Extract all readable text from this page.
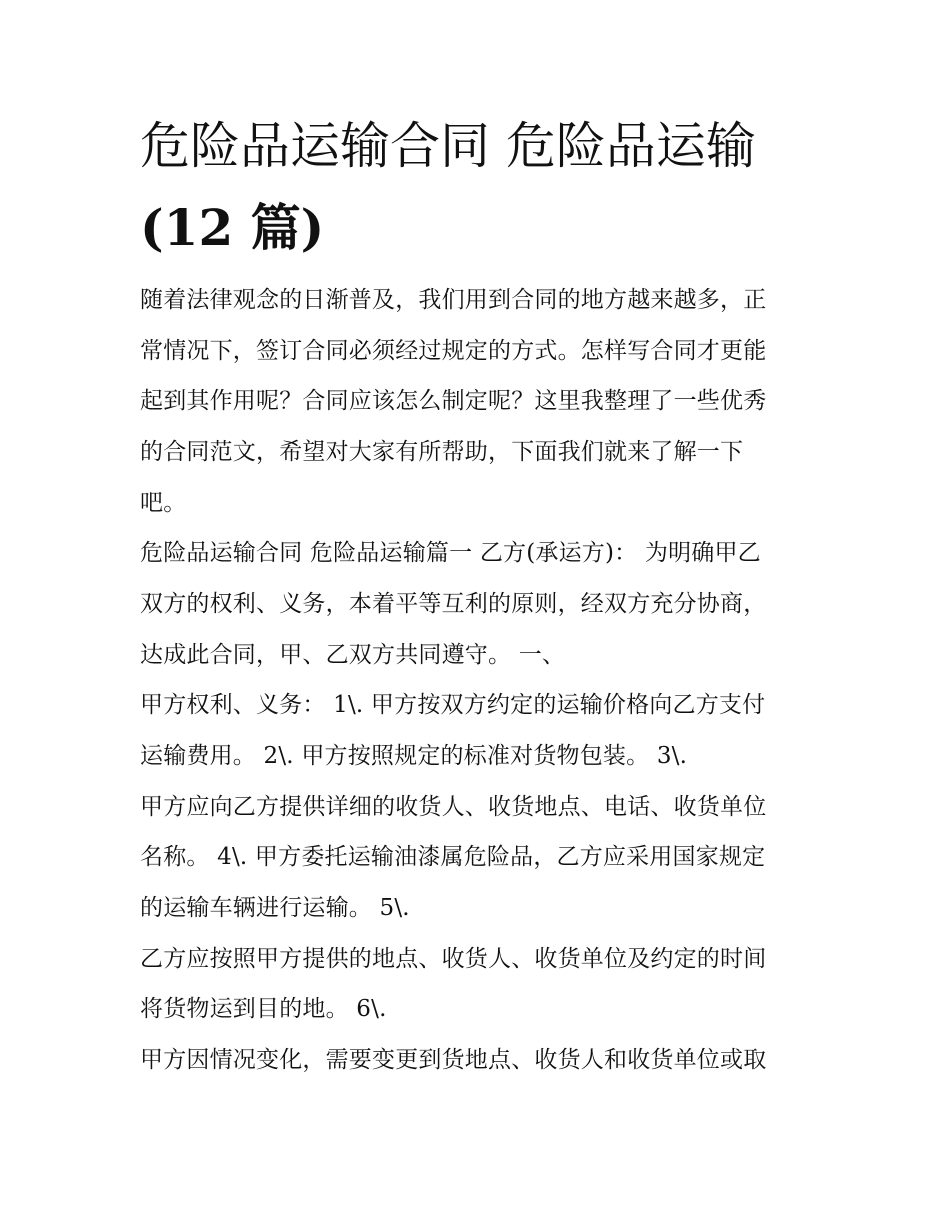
危险品运输合同 危险品运输
(12 篇)
随着法律观念的日渐普及，我们用到合同的地方越来越多，正
常情况下，签订合同必须经过规定的方式。怎样写合同才更能
起到其作用呢？合同应该怎么制定呢？这里我整理了一些优秀
的合同范文，希望对大家有所帮助，下面我们就来了解一下
吧。
危险品运输合同 危险品运输篇一 乙方(承运方)： 为明确甲乙
双方的权利、义务，本着平等互利的原则，经双方充分协商，
达成此合同，甲、乙双方共同遵守。 一、
甲方权利、义务： 1\. 甲方按双方约定的运输价格向乙方支付
运输费用。 2\. 甲方按照规定的标准对货物包装。 3\.
甲方应向乙方提供详细的收货人、收货地点、电话、收货单位
名称。 4\. 甲方委托运输油漆属危险品，乙方应采用国家规定
的运输车辆进行运输。 5\.
乙方应按照甲方提供的地点、收货人、收货单位及约定的时间
将货物运到目的地。 6\.
甲方因情况变化，需要变更到货地点、收货人和收货单位或取
